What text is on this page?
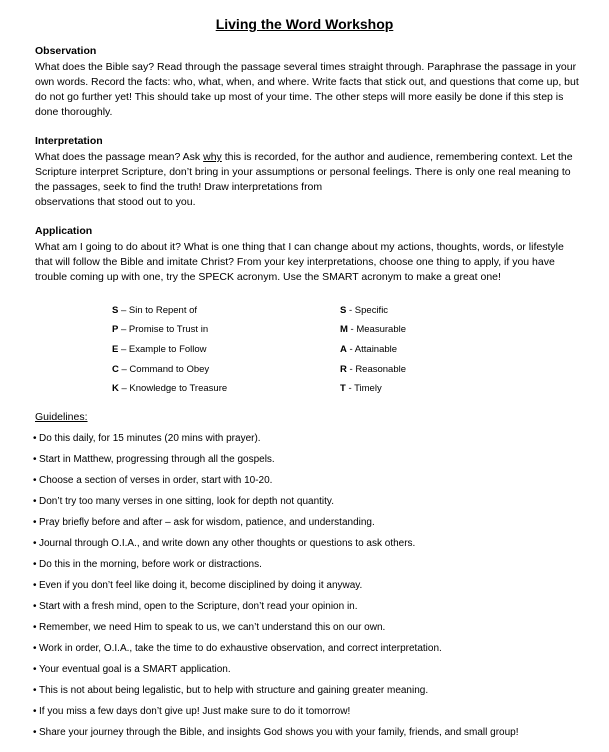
Living the Word Workshop
Observation
What does the Bible say? Read through the passage several times straight through. Paraphrase the passage in your own words. Record the facts: who, what, when, and where. Write facts that stick out, and questions that come up, but do not go further yet! This should take up most of your time. The other steps will more easily be done if this step is done thoroughly.
Interpretation
What does the passage mean? Ask why this is recorded, for the author and audience, remembering context. Let the Scripture interpret Scripture, don’t bring in your assumptions or personal feelings. There is only one real meaning to the passages, seek to find the truth! Draw interpretations from
observations that stood out to you.
Application
What am I going to do about it? What is one thing that I can change about my actions, thoughts, words, or lifestyle that will follow the Bible and imitate Christ? From your key interpretations, choose one thing to apply, if you have trouble coming up with one, try the SPECK acronym. Use the SMART acronym to make a great one!
S – Sin to Repent of
P – Promise to Trust in
E – Example to Follow
C – Command to Obey
K – Knowledge to Treasure
S - Specific
M - Measurable
A - Attainable
R - Reasonable
T - Timely
Guidelines:
• Do this daily, for 15 minutes (20 mins with prayer).
• Start in Matthew, progressing through all the gospels.
• Choose a section of verses in order, start with 10-20.
• Don’t try too many verses in one sitting, look for depth not quantity.
• Pray briefly before and after – ask for wisdom, patience, and understanding.
• Journal through O.I.A., and write down any other thoughts or questions to ask others.
• Do this in the morning, before work or distractions.
• Even if you don’t feel like doing it, become disciplined by doing it anyway.
• Start with a fresh mind, open to the Scripture, don’t read your opinion in.
• Remember, we need Him to speak to us, we can’t understand this on our own.
• Work in order, O.I.A., take the time to do exhaustive observation, and correct interpretation.
• Your eventual goal is a SMART application.
• This is not about being legalistic, but to help with structure and gaining greater meaning.
• If you miss a few days don’t give up! Just make sure to do it tomorrow!
• Share your journey through the Bible, and insights God shows you with your family, friends, and small group!
